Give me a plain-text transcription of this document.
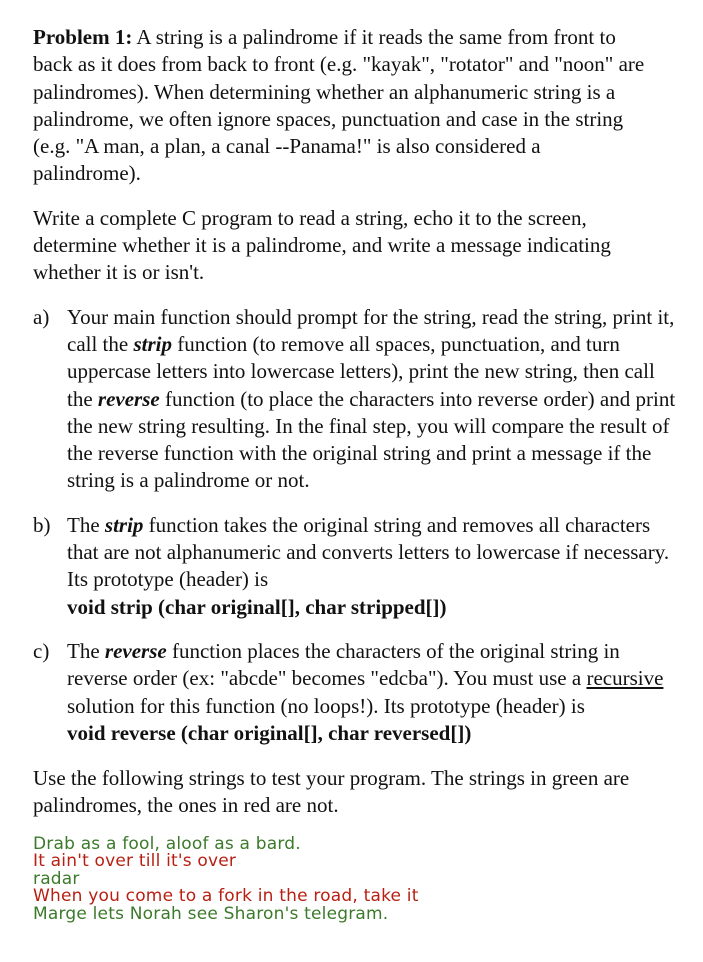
Problem 1: A string is a palindrome if it reads the same from front to back as it does from back to front (e.g. "kayak", "rotator" and "noon" are palindromes). When determining whether an alphanumeric string is a palindrome, we often ignore spaces, punctuation and case in the string (e.g. "A man, a plan, a canal --Panama!" is also considered a palindrome).

Write a complete C program to read a string, echo it to the screen, determine whether it is a palindrome, and write a message indicating whether it is or isn't.

a) Your main function should prompt for the string, read the string, print it, call the strip function (to remove all spaces, punctuation, and turn uppercase letters into lowercase letters), print the new string, then call the reverse function (to place the characters into reverse order) and print the new string resulting. In the final step, you will compare the result of the reverse function with the original string and print a message if the string is a palindrome or not.
b) The strip function takes the original string and removes all characters that are not alphanumeric and converts letters to lowercase if necessary. Its prototype (header) is
void strip (char original[], char stripped[])
c) The reverse function places the characters of the original string in reverse order (ex: "abcde" becomes "edcba"). You must use a recursive solution for this function (no loops!). Its prototype (header) is
void reverse (char original[], char reversed[])

Use the following strings to test your program. The strings in green are palindromes, the ones in red are not.

Drab as a fool, aloof as a bard.
It ain't over till it's over
radar
When you come to a fork in the road, take it
Marge lets Norah see Sharon's telegram.
